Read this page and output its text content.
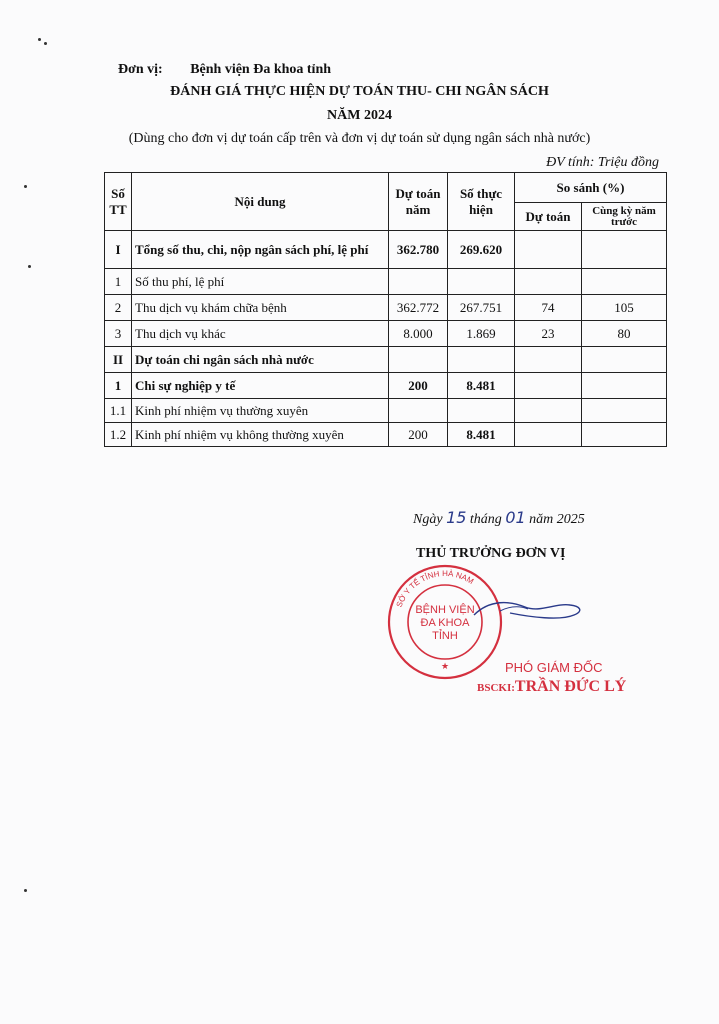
Đơn vị: Bệnh viện Đa khoa tỉnh
ĐÁNH GIÁ THỰC HIỆN DỰ TOÁN THU- CHI NGÂN SÁCH
NĂM 2024
(Dùng cho đơn vị dự toán cấp trên và đơn vị dự toán sử dụng ngân sách nhà nước)
ĐV tính: Triệu đồng
Số TT	Nội dung	Dự toán năm	Số thực hiện	So sánh (%)	
				Dự toán	Cùng kỳ năm trước
I	Tổng số thu, chi, nộp ngân sách phí, lệ phí	362.780	269.620		
1	Số thu phí, lệ phí				
2	Thu dịch vụ khám chữa bệnh	362.772	267.751	74	105
3	Thu dịch vụ khác	8.000	1.869	23	80
II	Dự toán chi ngân sách nhà nước				
1	Chi sự nghiệp y tế	200	8.481		
1.1	Kinh phí nhiệm vụ thường xuyên				
1.2	Kinh phí nhiệm vụ không thường xuyên	200	8.481		
Ngày 15 tháng 01 năm 2025
THỦ TRƯỞNG ĐƠN VỊ
SỞ Y TẾ TỈNH HÀ NAM
BỆNH VIỆN
ĐA KHOA
TỈNH
★	PHÓ GIÁM ĐỐC
BSCKI:TRẦN ĐỨC LÝ
